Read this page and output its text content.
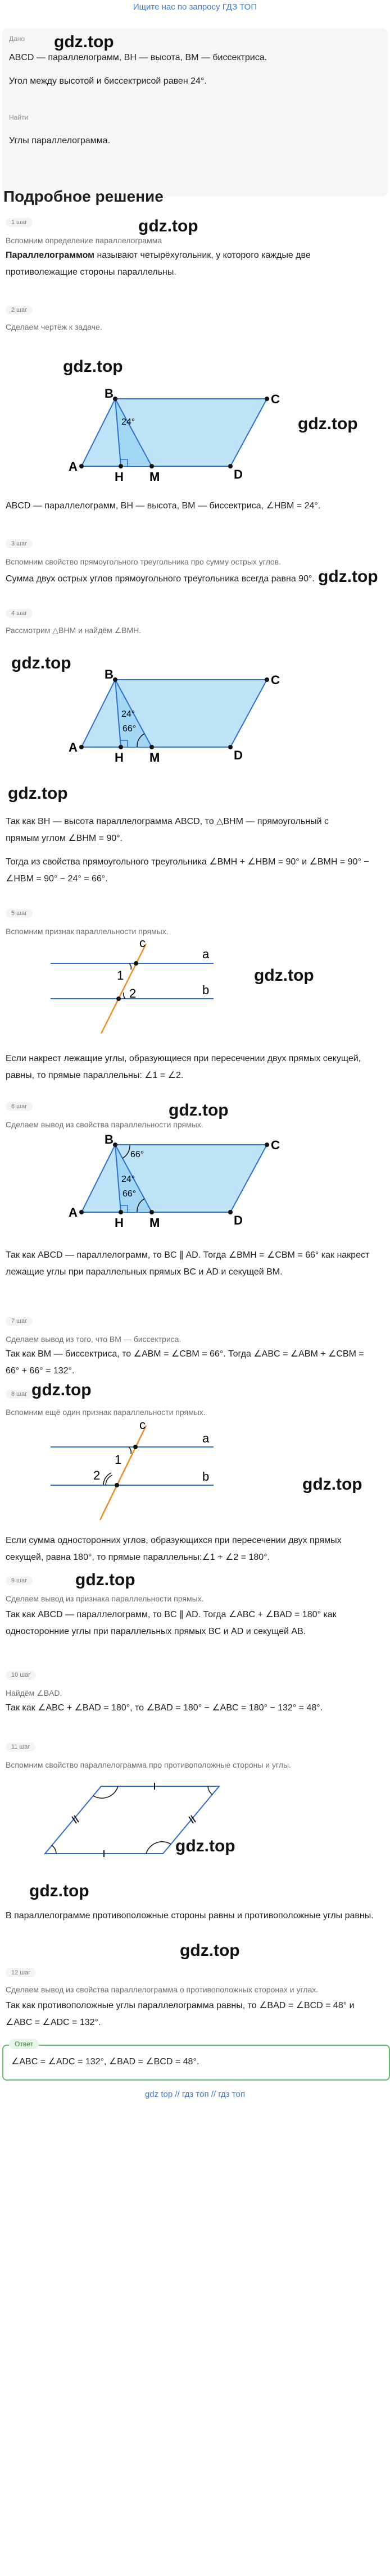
Ищите нас по запросу ГДЗ ТОП
Дано
ABCD — параллелограмм, BH — высота, BM — биссектриса.
gdz.top
Угол между высотой и биссектрисой равен 24°.
Найти
Углы параллелограмма.
Подробное решение
1 шаг
Вспомним определение параллелограмма
gdz.top
Параллелограммом называют четырёхугольник, у которого каждые две противолежащие стороны параллельны.
2 шаг
Сделаем чертёж к задаче.
gdz.top
A
B	C
D
H M
24°	gdz.top
ABCD — параллелограмм, BH — высота, BM — биссектриса, ∠HBM = 24°.
3 шаг
Вспомним свойство прямоугольного треугольника про сумму острых углов.
Сумма двух острых углов прямоугольного треугольника всегда равна 90°. gdz.top
4 шаг
Рассмотрим △BHM и найдём ∠BMH.
gdz.top
A
B	C
D
H M
24°
66°
gdz.top
Так как BH — высота параллелограмма ABCD, то △BHM — прямоугольный с прямым углом ∠BHM = 90°.
Тогда из свойства прямоугольного треугольника ∠BMH + ∠HBM = 90° и ∠BMH = 90° − ∠HBM = 90° − 24° = 66°.
5 шаг
Вспомним признак параллельности прямых.
c
a
b
1
2
gdz.top
Если накрест лежащие углы, образующиеся при пересечении двух прямых секущей, равны, то прямые параллельны: ∠1 = ∠2.
6 шаг
Сделаем вывод из свойства параллельности прямых.
gdz.top
A
B	C
D
H M
66°
24°
66°
Так как ABCD — параллелограмм, то BC ∥ AD. Тогда ∠BMH = ∠CBM = 66° как накрест лежащие углы при параллельных прямых BC и AD и секущей BM.
7 шаг
Сделаем вывод из того, что BM — биссектриса.
Так как BM — биссектриса, то ∠ABM = ∠CBM = 66°. Тогда ∠ABC = ∠ABM + ∠CBM = 66° + 66° = 132°.
8 шаг gdz.top
Вспомним ещё один признак параллельности прямых.
c
a
b
1
2	gdz.top
Если сумма односторонних углов, образующихся при пересечении двух прямых секущей, равна 180°, то прямые параллельны:∠1 + ∠2 = 180°.
9 шаг	gdz.top
Сделаем вывод из признака параллельности прямых.
Так как ABCD — параллелограмм, то BC ∥ AD. Тогда ∠ABC + ∠BAD = 180° как односторонние углы при параллельных прямых BC и AD и секущей AB.
10 шаг
Найдём ∠BAD.
Так как ∠ABC + ∠BAD = 180°, то ∠BAD = 180° − ∠ABC = 180° − 132° = 48°.
11 шаг
Вспомним свойство параллелограмма про противоположные стороны и углы.
gdz.top
gdz.top
В параллелограмме противоположные стороны равны и противоположные углы равны.
gdz.top
12 шаг
Сделаем вывод из свойства параллелограмма о противоположных сторонах и углах.
Так как противоположные углы параллелограмма равны, то ∠BAD = ∠BCD = 48° и ∠ABC = ∠ADC = 132°.
Ответ
∠ABC = ∠ADC = 132°, ∠BAD = ∠BCD = 48°.
gdz top // гдз топ // гдз топ
